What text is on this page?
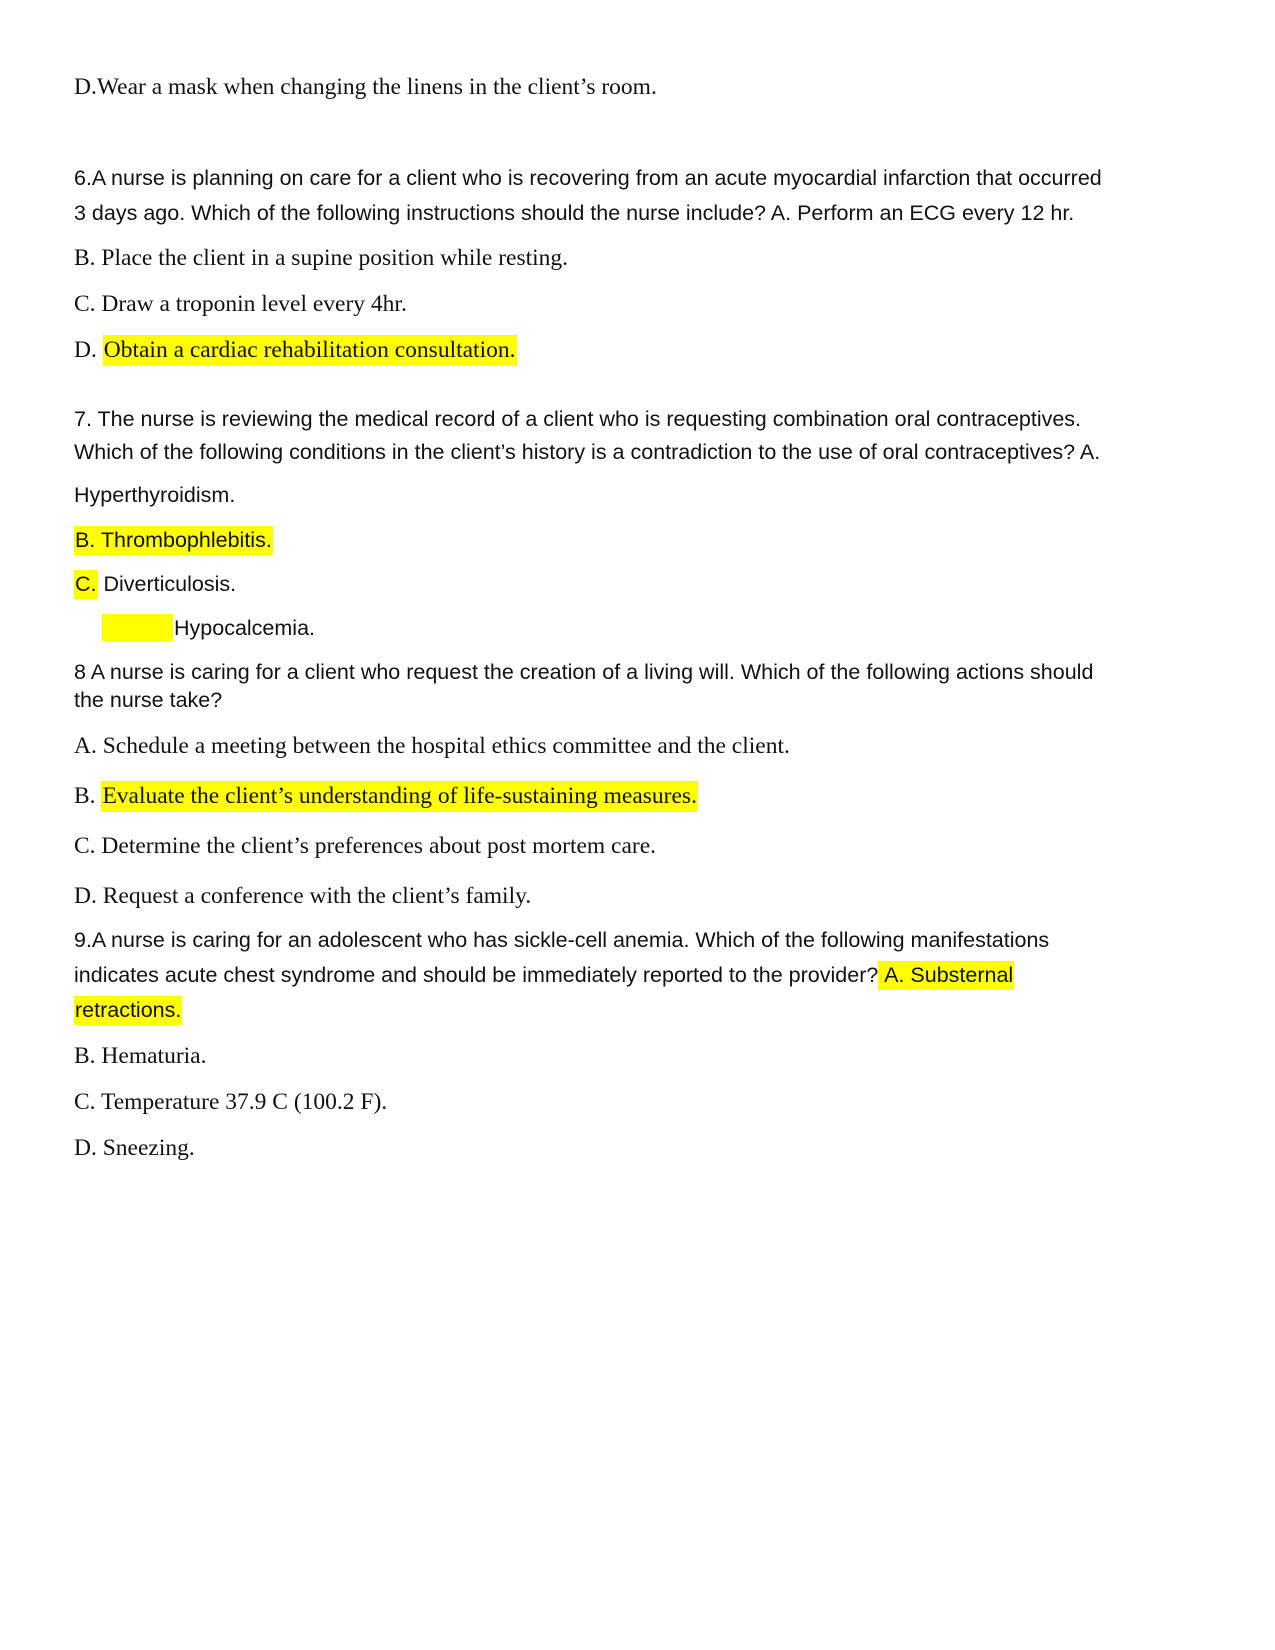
D.Wear a mask when changing the linens in the client’s room.
6.A nurse is planning on care for a client who is recovering from an acute myocardial infarction that occurred
3 days ago. Which of the following instructions should the nurse include? A. Perform an ECG every 12 hr.
B. Place the client in a supine position while resting.
C. Draw a troponin level every 4hr.
D. Obtain a cardiac rehabilitation consultation.
7. The nurse is reviewing the medical record of a client who is requesting combination oral contraceptives.
Which of the following conditions in the client’s history is a contradiction to the use of oral contraceptives? A.
Hyperthyroidism.
B. Thrombophlebitis.
C. Diverticulosis.
Hypocalcemia.
8 A nurse is caring for a client who request the creation of a living will. Which of the following actions should
the nurse take?
A. Schedule a meeting between the hospital ethics committee and the client.
B. Evaluate the client’s understanding of life-sustaining measures.
C. Determine the client’s preferences about post mortem care.
D. Request a conference with the client’s family.
9.A nurse is caring for an adolescent who has sickle-cell anemia. Which of the following manifestations
indicates acute chest syndrome and should be immediately reported to the provider? A. Substernal
retractions.
B. Hematuria.
C. Temperature 37.9 C (100.2 F).
D. Sneezing.
